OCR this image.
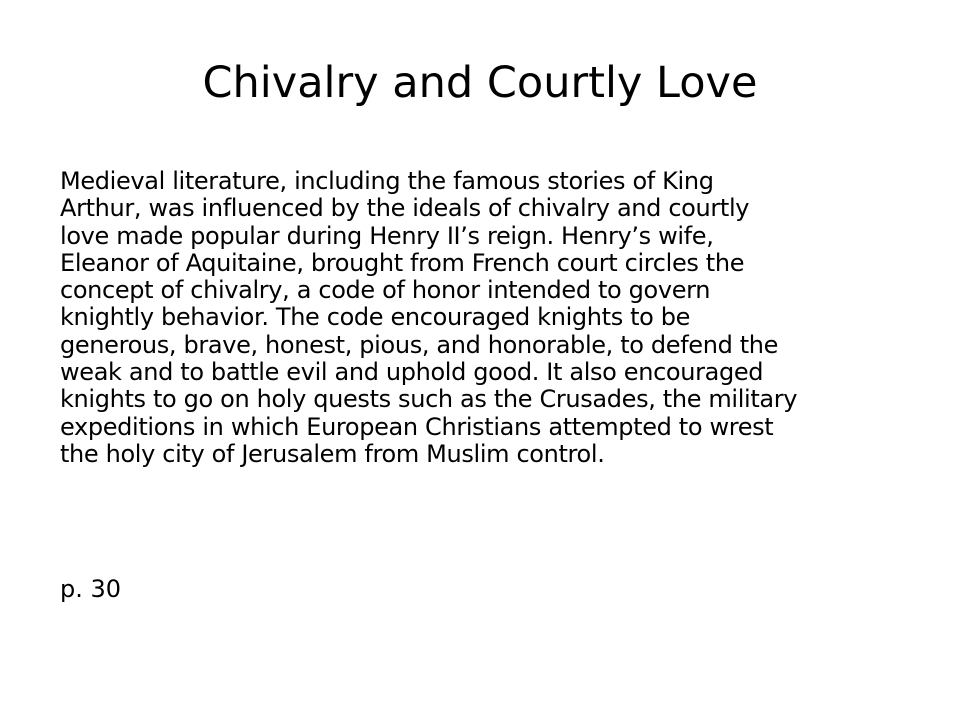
Chivalry and Courtly Love

Medieval literature, including the famous stories of King
Arthur, was influenced by the ideals of chivalry and courtly
love made popular during Henry II’s reign. Henry’s wife,
Eleanor of Aquitaine, brought from French court circles the
concept of chivalry, a code of honor intended to govern
knightly behavior. The code encouraged knights to be
generous, brave, honest, pious, and honorable, to defend the
weak and to battle evil and uphold good. It also encouraged
knights to go on holy quests such as the Crusades, the military
expeditions in which European Christians attempted to wrest
the holy city of Jerusalem from Muslim control.

p. 30
